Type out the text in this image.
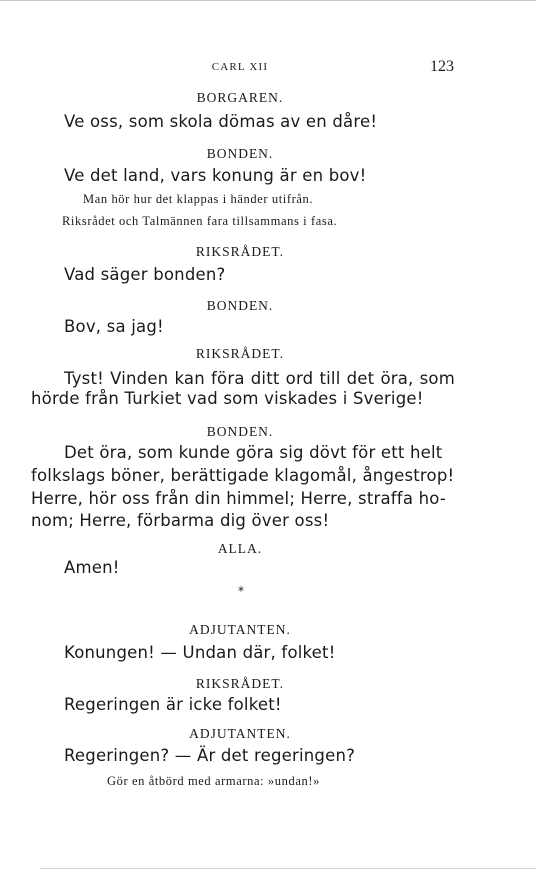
CARL XII	123
BORGAREN.
Ve oss, som skola dömas av en dåre!
BONDEN.
Ve det land, vars konung är en bov!
Man hör hur det klappas i händer utifrån.
Riksrådet och Talmännen fara tillsammans i fasa.
RIKSRÅDET.
Vad säger bonden?
BONDEN.
Bov, sa jag!
RIKSRÅDET.
Tyst! Vinden kan föra ditt ord till det öra, som
hörde från Turkiet vad som viskades i Sverige!
BONDEN.
Det öra, som kunde göra sig dövt för ett helt
folkslags böner, berättigade klagomål, ångestrop!
Herre, hör oss från din himmel; Herre, straffa ho-
nom; Herre, förbarma dig över oss!
ALLA.
Amen!
*
ADJUTANTEN.
Konungen! — Undan där, folket!
RIKSRÅDET.
Regeringen är icke folket!
ADJUTANTEN.
Regeringen? — Är det regeringen?
Gör en åtbörd med armarna: »undan!»
